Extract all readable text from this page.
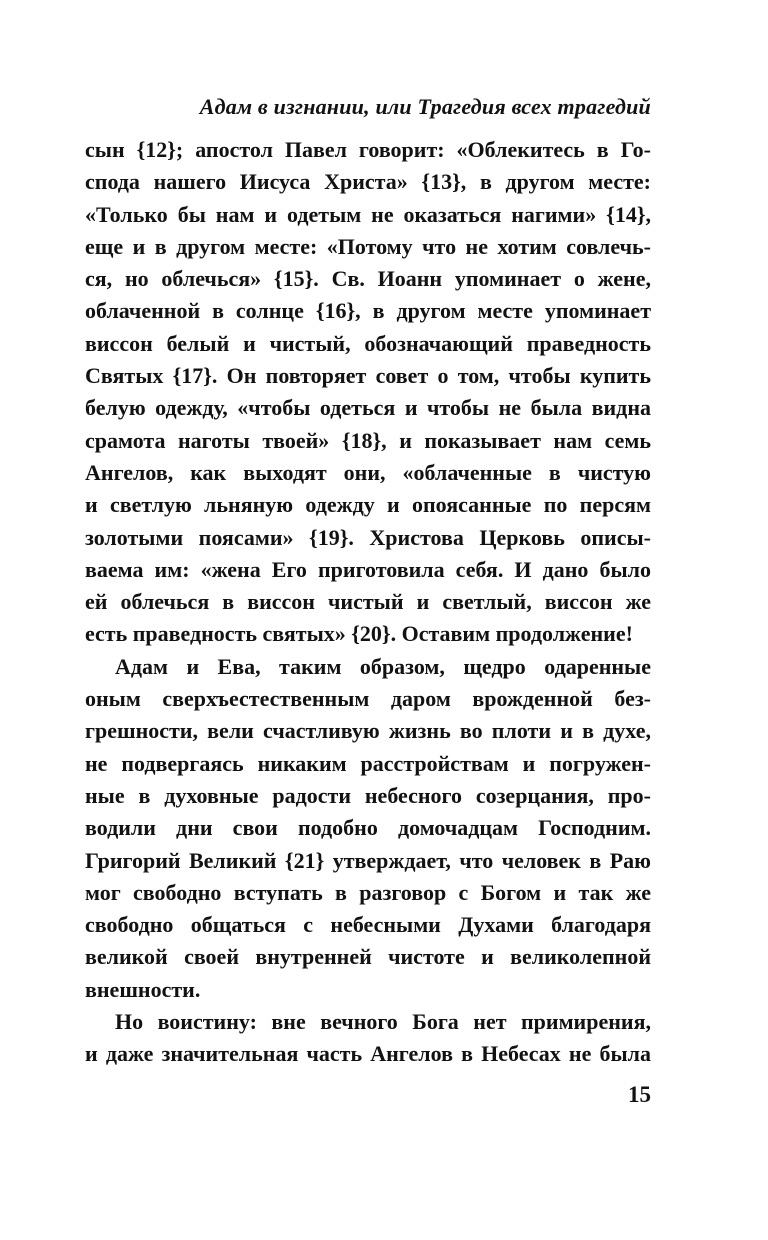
Адам в изгнании, или Трагедия всех трагедий
сын {12}; апостол Павел говорит: «Облекитесь в Го-
спода нашего Иисуса Христа» {13}, в другом месте:
«Только бы нам и одетым не оказаться нагими» {14},
еще и в другом месте: «Потому что не хотим совлечь-
ся, но облечься» {15}. Св. Иоанн упоминает о жене,
облаченной в солнце {16}, в другом месте упоминает
виссон белый и чистый, обозначающий праведность
Святых {17}. Он повторяет совет о том, чтобы купить
белую одежду, «чтобы одеться и чтобы не была видна
срамота наготы твоей» {18}, и показывает нам семь
Ангелов, как выходят они, «облаченные в чистую
и светлую льняную одежду и опоясанные по персям
золотыми поясами» {19}. Христова Церковь описы-
ваема им: «жена Его приготовила себя. И дано было
ей облечься в виссон чистый и светлый, виссон же
есть праведность святых» {20}. Оставим продолжение!
Адам и Ева, таким образом, щедро одаренные
оным сверхъестественным даром врожденной без-
грешности, вели счастливую жизнь во плоти и в духе,
не подвергаясь никаким расстройствам и погружен-
ные в духовные радости небесного созерцания, про-
водили дни свои подобно домочадцам Господним.
Григорий Великий {21} утверждает, что человек в Раю
мог свободно вступать в разговор с Богом и так же
свободно общаться с небесными Духами благодаря
великой своей внутренней чистоте и великолепной
внешности.
Но воистину: вне вечного Бога нет примирения,
и даже значительная часть Ангелов в Небесах не была
15
